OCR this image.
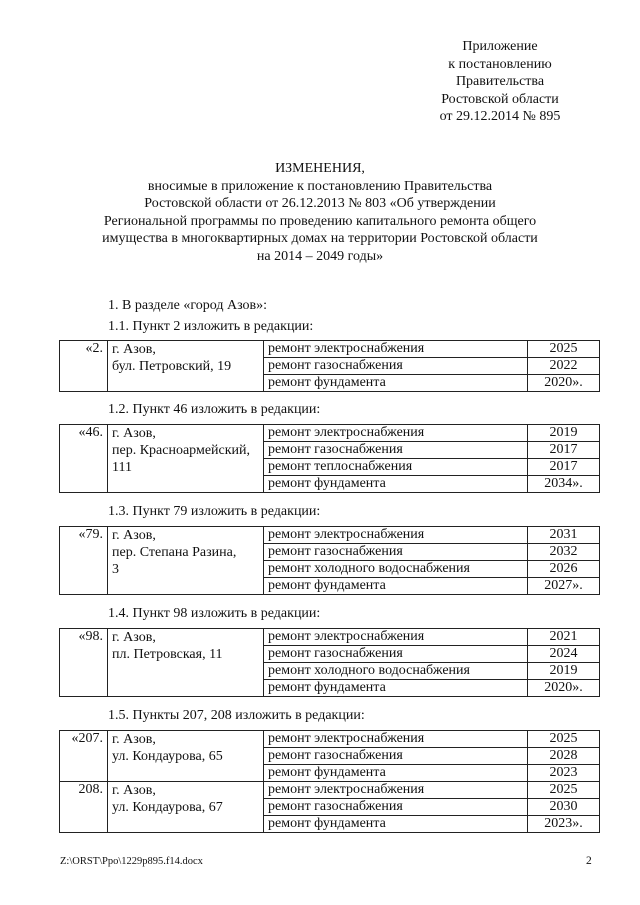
Приложение
к постановлению
Правительства
Ростовской области
от 29.12.2014 № 895
ИЗМЕНЕНИЯ,
вносимые в приложение к постановлению Правительства
Ростовской области от 26.12.2013 № 803 «Об утверждении
Региональной программы по проведению капитального ремонта общего
имущества в многоквартирных домах на территории Ростовской области
на 2014 – 2049 годы»
1. В разделе «город Азов»:
1.1. Пункт 2 изложить в редакции:
«2.	г. Азов,
бул. Петровский, 19	ремонт электроснабжения	2025
		ремонт газоснабжения	2022
		ремонт фундамента	2020».
1.2. Пункт 46 изложить в редакции:
«46.	г. Азов,
пер. Красноармейский,
111	ремонт электроснабжения	2019
		ремонт газоснабжения	2017
		ремонт теплоснабжения	2017
		ремонт фундамента	2034».
1.3. Пункт 79 изложить в редакции:
«79.	г. Азов,
пер. Степана Разина,
3	ремонт электроснабжения	2031
		ремонт газоснабжения	2032
		ремонт холодного водоснабжения	2026
		ремонт фундамента	2027».
1.4. Пункт 98 изложить в редакции:
«98.	г. Азов,
пл. Петровская, 11	ремонт электроснабжения	2021
		ремонт газоснабжения	2024
		ремонт холодного водоснабжения	2019
		ремонт фундамента	2020».
1.5. Пункты 207, 208 изложить в редакции:
«207.	г. Азов,
ул. Кондаурова, 65	ремонт электроснабжения	2025
		ремонт газоснабжения	2028
		ремонт фундамента	2023
208.	г. Азов,
ул. Кондаурова, 67	ремонт электроснабжения	2025
		ремонт газоснабжения	2030
		ремонт фундамента	2023».
Z:\ORST\Ppo\1229p895.f14.docx	2
